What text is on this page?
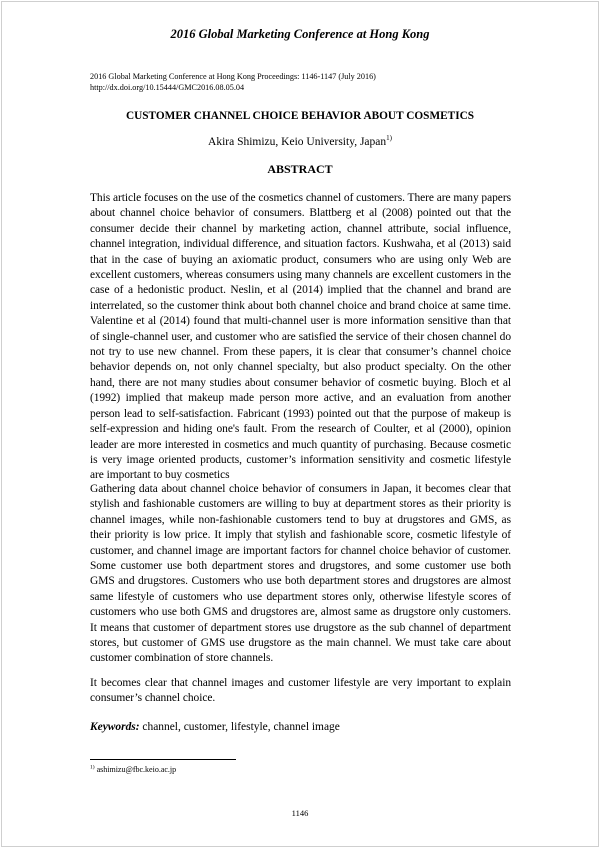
2016 Global Marketing Conference at Hong Kong
2016 Global Marketing Conference at Hong Kong Proceedings: 1146-1147 (July 2016)
http://dx.doi.org/10.15444/GMC2016.08.05.04
CUSTOMER CHANNEL CHOICE BEHAVIOR ABOUT COSMETICS
Akira Shimizu, Keio University, Japan$^{1)}$
ABSTRACT
This article focuses on the use of the cosmetics channel of customers. There are many papers about channel choice behavior of consumers. Blattberg et al (2008) pointed out that the consumer decide their channel by marketing action, channel attribute, social influence, channel integration, individual difference, and situation factors. Kushwaha, et al (2013) said that in the case of buying an axiomatic product, consumers who are using only Web are excellent customers, whereas consumers using many channels are excellent customers in the case of a hedonistic product. Neslin, et al (2014) implied that the channel and brand are interrelated, so the customer think about both channel choice and brand choice at same time. Valentine et al (2014) found that multi-channel user is more information sensitive than that of single-channel user, and customer who are satisfied the service of their chosen channel do not try to use new channel. From these papers, it is clear that consumer’s channel choice behavior depends on, not only channel specialty, but also product specialty. On the other hand, there are not many studies about consumer behavior of cosmetic buying. Bloch et al (1992) implied that makeup made person more active, and an evaluation from another person lead to self-satisfaction. Fabricant (1993) pointed out that the purpose of makeup is self-expression and hiding one's fault. From the research of Coulter, et al (2000), opinion leader are more interested in cosmetics and much quantity of purchasing. Because cosmetic is very image oriented products, customer’s information sensitivity and cosmetic lifestyle are important to buy cosmetics
Gathering data about channel choice behavior of consumers in Japan, it becomes clear that stylish and fashionable customers are willing to buy at department stores as their priority is channel images, while non-fashionable customers tend to buy at drugstores and GMS, as their priority is low price. It imply that stylish and fashionable score, cosmetic lifestyle of customer, and channel image are important factors for channel choice behavior of customer. Some customer use both department stores and drugstores, and some customer use both GMS and drugstores. Customers who use both department stores and drugstores are almost same lifestyle of customers who use department stores only, otherwise lifestyle scores of customers who use both GMS and drugstores are, almost same as drugstore only customers. It means that customer of department stores use drugstore as the sub channel of department stores, but customer of GMS use drugstore as the main channel. We must take care about customer combination of store channels.
It becomes clear that channel images and customer lifestyle are very important to explain consumer’s channel choice.
Keywords: channel, customer, lifestyle, channel image
$^{1)}$ ashimizu@fbc.keio.ac.jp
1146
